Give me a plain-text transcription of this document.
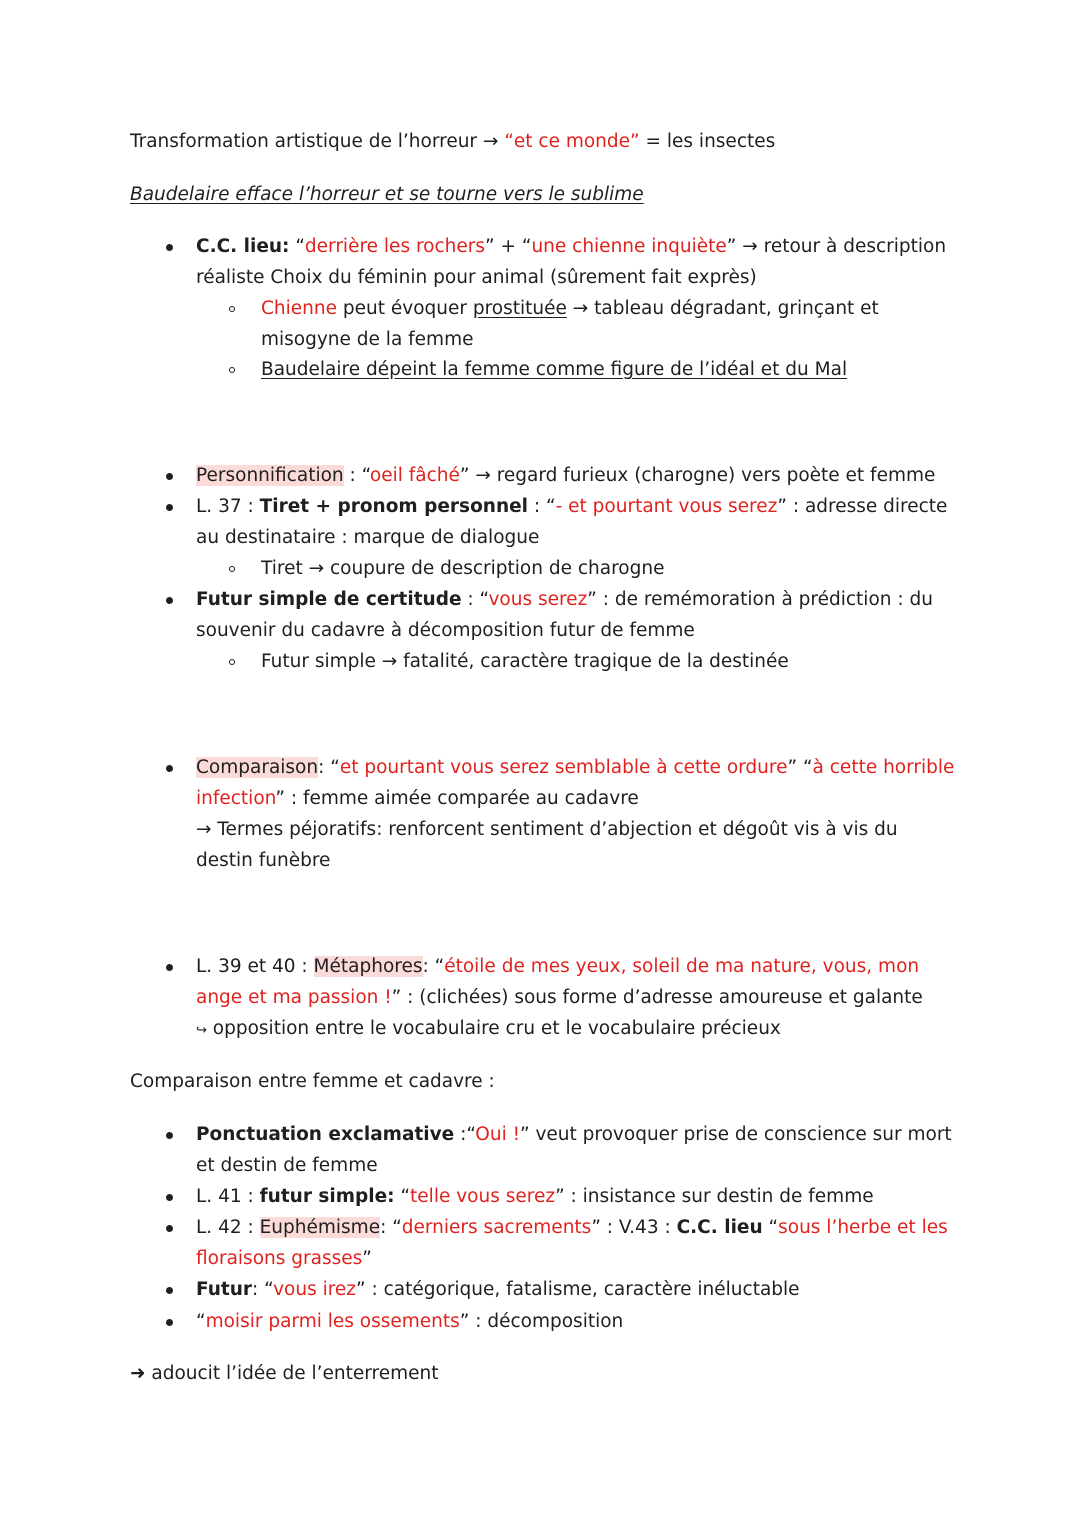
Transformation artistique de l’horreur → “et ce monde” = les insectes
Baudelaire efface l’horreur et se tourne vers le sublime
C.C. lieu: “derrière les rochers” + “une chienne inquiète” → retour à description
réaliste Choix du féminin pour animal (sûrement fait exprès)
Chienne peut évoquer prostituée → tableau dégradant, grinçant et
misogyne de la femme
Baudelaire dépeint la femme comme figure de l’idéal et du Mal
Personnification : “oeil fâché” → regard furieux (charogne) vers poète et femme
L. 37 : Tiret + pronom personnel : “- et pourtant vous serez” : adresse directe
au destinataire : marque de dialogue
Tiret → coupure de description de charogne
Futur simple de certitude : “vous serez” : de remémoration à prédiction : du
souvenir du cadavre à décomposition futur de femme
Futur simple → fatalité, caractère tragique de la destinée
Comparaison: “et pourtant vous serez semblable à cette ordure” “à cette horrible
infection” : femme aimée comparée au cadavre
→ Termes péjoratifs: renforcent sentiment d’abjection et dégoût vis à vis du
destin funèbre
L. 39 et 40 : Métaphores: “étoile de mes yeux, soleil de ma nature, vous, mon
ange et ma passion !” : (clichées) sous forme d’adresse amoureuse et galante
↪ opposition entre le vocabulaire cru et le vocabulaire précieux
Comparaison entre femme et cadavre :
Ponctuation exclamative :“Oui !” veut provoquer prise de conscience sur mort
et destin de femme
L. 41 : futur simple: “telle vous serez” : insistance sur destin de femme
L. 42 : Euphémisme: “derniers sacrements” : V.43 : C.C. lieu “sous l’herbe et les
floraisons grasses”
Futur: “vous irez” : catégorique, fatalisme, caractère inéluctable
“moisir parmi les ossements” : décomposition
➜ adoucit l’idée de l’enterrement
